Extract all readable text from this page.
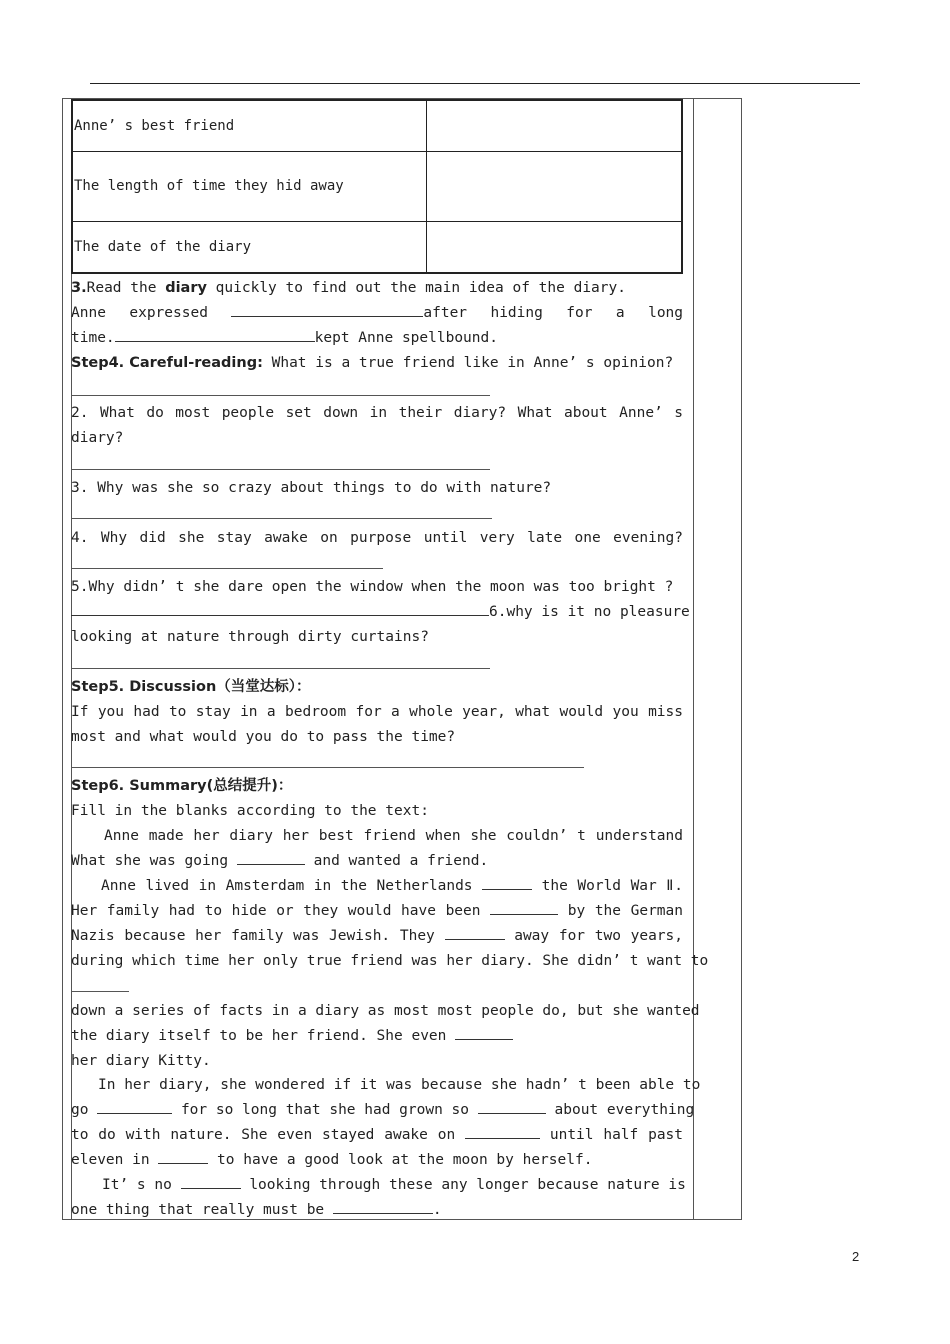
Anne’ s best friend
The length of time they hid away
The date of the diary
3.Read the diary quickly to find out the main idea of the diary.
Anne expressed	after hiding for a long
time.	kept Anne spellbound.
Step4. Careful-reading: What is a true friend like in Anne’ s opinion?
2. What do most people set down in their diary? What about Anne’ s
diary?
3. Why was she so crazy about things to do with nature?
4. Why did she stay awake on purpose until very late one evening?
5.Why didn’ t she dare open the window when the moon was too bright ?
6.why is it no pleasure
looking at nature through dirty curtains?
Step5. Discussion（当堂达标）：
If you had to stay in a bedroom for a whole year, what would you miss
most and what would you do to pass the time?
Step6. Summary(总结提升)：
Fill in the blanks according to the text:
Anne made her diary her best friend when she couldn’ t understand
What she was going	and wanted a friend.
Anne lived in Amsterdam in the Netherlands	the World War Ⅱ.
Her family had to hide or they would have been	by the German
Nazis because her family was Jewish. They	away for two years,
during which time her only true friend was her diary. She didn’ t want to
down a series of facts in a diary as most most people do, but she wanted
the diary itself to be her friend. She even
her diary Kitty.
In her diary, she wondered if it was because she hadn’ t been able to
go	for so long that she had grown so	about everything
to do with nature. She even stayed awake on	until half past
eleven in	to have a good look at the moon by herself.
It’ s no	looking through these any longer because nature is
one thing that really must be	.
2
